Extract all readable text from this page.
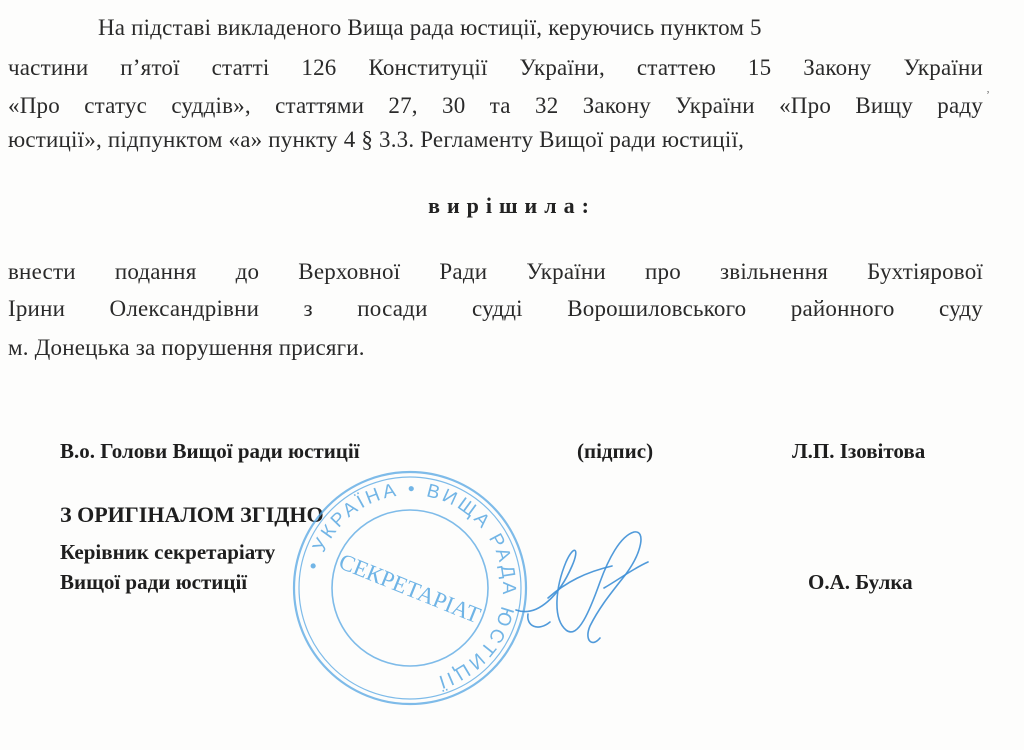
На підставі викладеного Вища рада юстиції, керуючись пунктом 5
частини п’ятої статті 126 Конституції України, статтею 15 Закону України
«Про статус суддів», статтями 27, 30 та 32 Закону України «Про Вищу раду
юстиції», підпунктом «а» пункту 4 § 3.3. Регламенту Вищої ради юстиції,
вирішила:
внести подання до Верховної Ради України про звільнення Бухтіярової
Ірини Олександрівни з посади судді Ворошиловського районного суду
м. Донецька за порушення присяги.
В.о. Голови Вищої ради юстиції	(підпис)	Л.П. Ізовітова
З ОРИГІНАЛОМ ЗГІДНО
Керівник секретаріату
Вищої ради юстиції	О.А. Булка
• УКРАЇНА • ВИЩА РАДА ЮСТИЦІЇ
СЕКРЕТАРІАТ
ʼ
